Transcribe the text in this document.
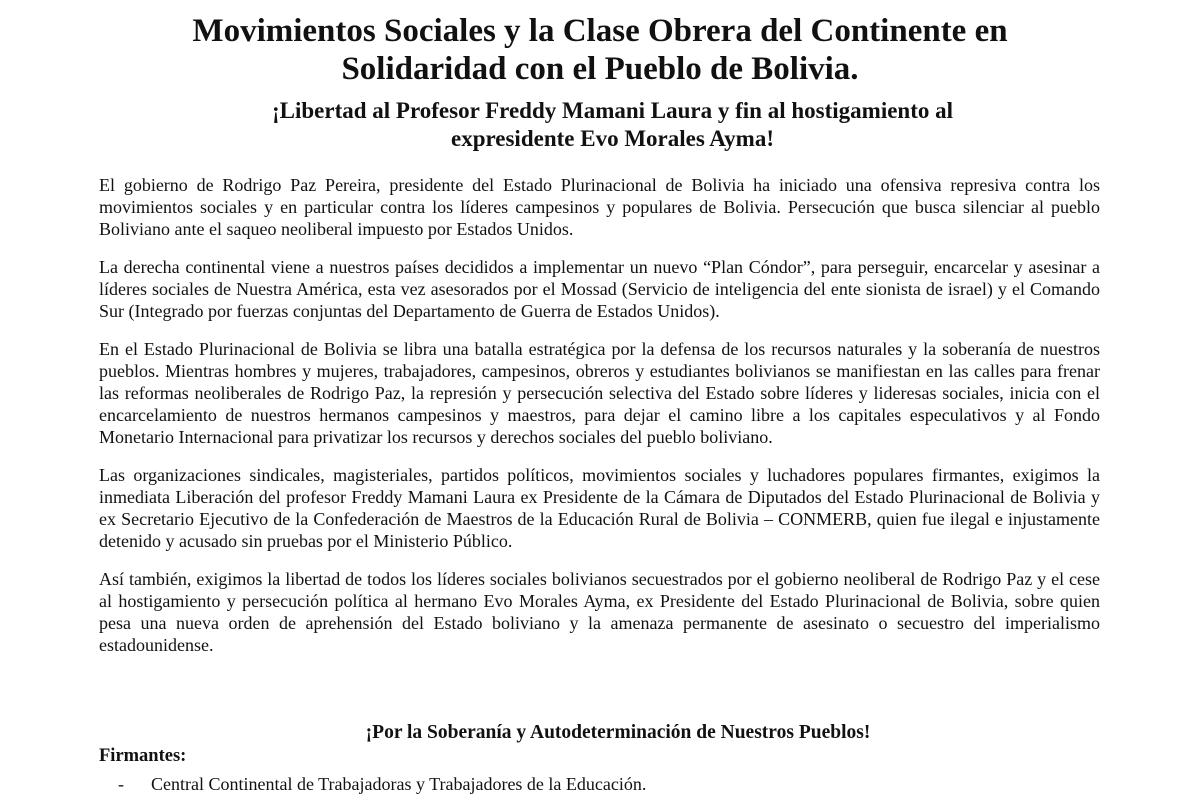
Movimientos Sociales y la Clase Obrera del Continente en
Solidaridad con el Pueblo de Bolivia.
¡Libertad al Profesor Freddy Mamani Laura y fin al hostigamiento al
expresidente Evo Morales Ayma!

El gobierno de Rodrigo Paz Pereira, presidente del Estado Plurinacional de Bolivia ha iniciado una ofensiva represiva contra los movimientos sociales y en particular contra los líderes campesinos y populares de Bolivia. Persecución que busca silenciar al pueblo Boliviano ante el saqueo neoliberal impuesto por Estados Unidos.

La derecha continental viene a nuestros países decididos a implementar un nuevo “Plan Cóndor”, para perseguir, encarcelar y asesinar a líderes sociales de Nuestra América, esta vez asesorados por el Mossad (Servicio de inteligencia del ente sionista de israel) y el Comando Sur (Integrado por fuerzas conjuntas del Departamento de Guerra de Estados Unidos).

En el Estado Plurinacional de Bolivia se libra una batalla estratégica por la defensa de los recursos naturales y la soberanía de nuestros pueblos. Mientras hombres y mujeres, trabajadores, campesinos, obreros y estudiantes bolivianos se manifiestan en las calles para frenar las reformas neoliberales de Rodrigo Paz, la represión y persecución selectiva del Estado sobre líderes y lideresas sociales, inicia con el encarcelamiento de nuestros hermanos campesinos y maestros, para dejar el camino libre a los capitales especulativos y al Fondo Monetario Internacional para privatizar los recursos y derechos sociales del pueblo boliviano.

Las organizaciones sindicales, magisteriales, partidos políticos, movimientos sociales y luchadores populares firmantes, exigimos la inmediata Liberación del profesor Freddy Mamani Laura ex Presidente de la Cámara de Diputados del Estado Plurinacional de Bolivia y ex Secretario Ejecutivo de la Confederación de Maestros de la Educación Rural de Bolivia – CONMERB, quien fue ilegal e injustamente detenido y acusado sin pruebas por el Ministerio Público.

Así también, exigimos la libertad de todos los líderes sociales bolivianos secuestrados por el gobierno neoliberal de Rodrigo Paz y el cese al hostigamiento y persecución política al hermano Evo Morales Ayma, ex Presidente del Estado Plurinacional de Bolivia, sobre quien pesa una nueva orden de aprehensión del Estado boliviano y la amenaza permanente de asesinato o secuestro del imperialismo estadounidense.

¡Por la Soberanía y Autodeterminación de Nuestros Pueblos!

Firmantes:

-	Central Continental de Trabajadoras y Trabajadores de la Educación.
